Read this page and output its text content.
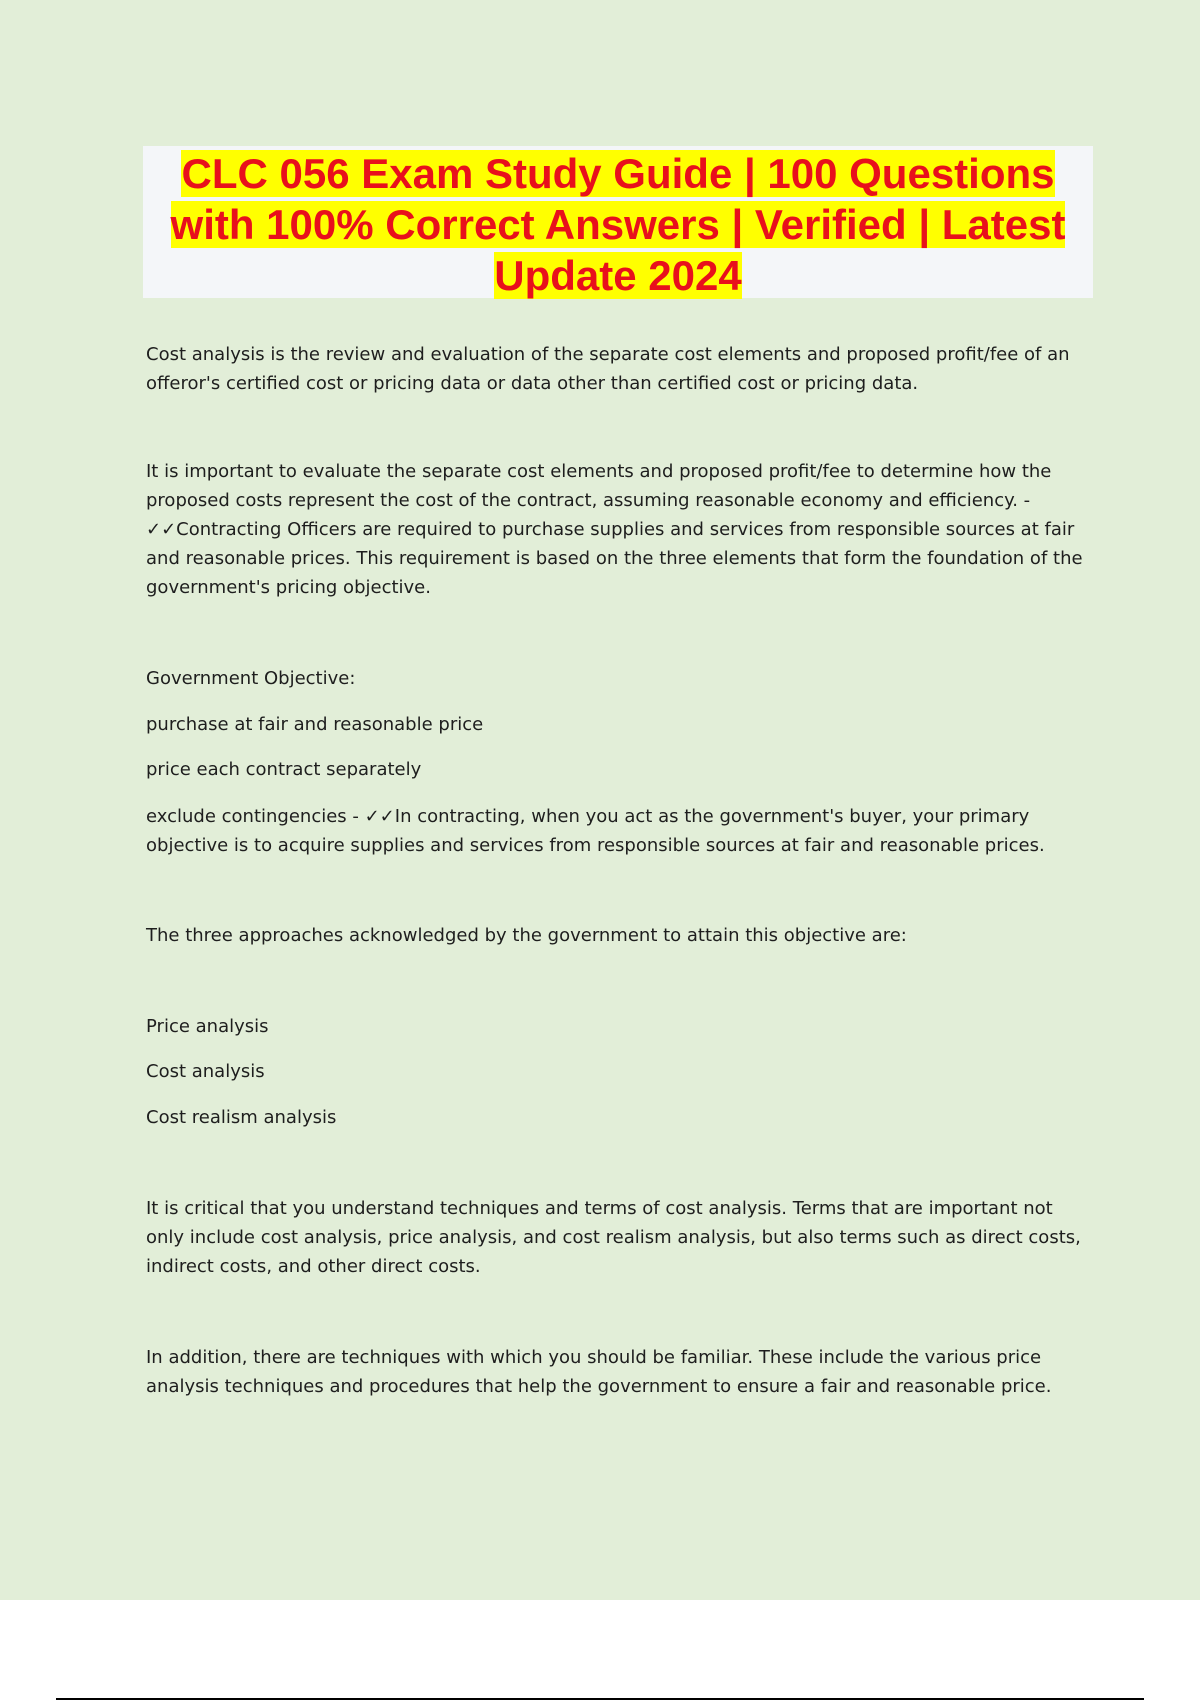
CLC 056 Exam Study Guide | 100 Questions with 100% Correct Answers | Verified | Latest Update 2024

Cost analysis is the review and evaluation of the separate cost elements and proposed profit/fee of an offeror's certified cost or pricing data or data other than certified cost or pricing data.

It is important to evaluate the separate cost elements and proposed profit/fee to determine how the proposed costs represent the cost of the contract, assuming reasonable economy and efficiency. - ✓✓Contracting Officers are required to purchase supplies and services from responsible sources at fair and reasonable prices. This requirement is based on the three elements that form the foundation of the government's pricing objective.

Government Objective:

purchase at fair and reasonable price

price each contract separately

exclude contingencies - ✓✓In contracting, when you act as the government's buyer, your primary objective is to acquire supplies and services from responsible sources at fair and reasonable prices.

The three approaches acknowledged by the government to attain this objective are:

Price analysis

Cost analysis

Cost realism analysis

It is critical that you understand techniques and terms of cost analysis. Terms that are important not only include cost analysis, price analysis, and cost realism analysis, but also terms such as direct costs, indirect costs, and other direct costs.

In addition, there are techniques with which you should be familiar. These include the various price analysis techniques and procedures that help the government to ensure a fair and reasonable price.
